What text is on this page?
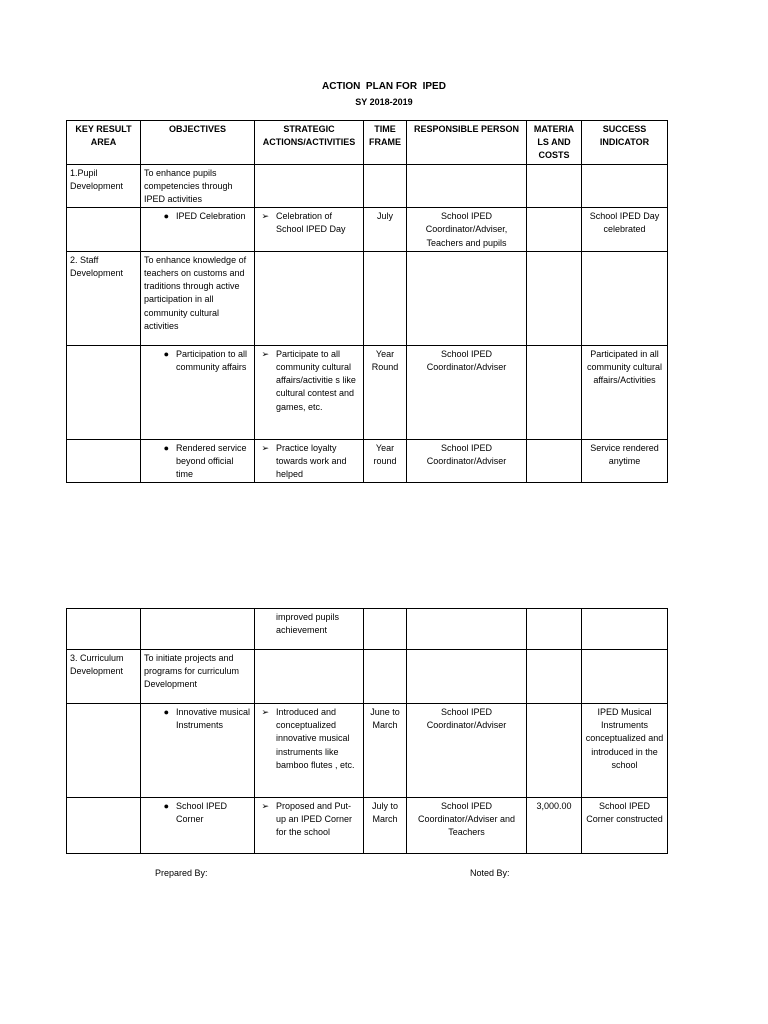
ACTION  PLAN FOR  IPED
SY 2018-2019
KEY RESULT AREA	OBJECTIVES	STRATEGIC ACTIONS/ACTIVITIES	TIME FRAME	RESPONSIBLE PERSON	MATERIA LS AND COSTS	SUCCESS INDICATOR
1.Pupil Development	To enhance pupils competencies through IPED activities					

	● IPED Celebration	➢ Celebration of School IPED Day	July	School IPED Coordinator/Adviser, Teachers and pupils		School IPED Day celebrated
2. Staff Development	To enhance knowledge of teachers on customs and traditions through active participation in all community cultural activities					

	● Participation to all community affairs	➢ Participate to all community cultural affairs/activitie s like cultural contest and games, etc.	Year Round	School IPED Coordinator/Adviser		Participated in all community cultural affairs/Activities

	● Rendered service beyond official time	➢ Practice loyalty towards work and helped	Year round	School IPED Coordinator/Adviser		Service rendered anytime

		improved pupils achievement				

3. Curriculum Development	To initiate projects and programs for curriculum Development					

	● Innovative musical Instruments	➢ Introduced and conceptualized innovative musical instruments like bamboo flutes , etc.	June to March	School IPED Coordinator/Adviser		IPED Musical Instruments conceptualized and introduced in the school

	● School IPED Corner	➢ Proposed and Put- up an IPED Corner for the school	July to March	School IPED Coordinator/Adviser and Teachers	3,000.00	School IPED Corner constructed
Prepared By:	Noted By:
